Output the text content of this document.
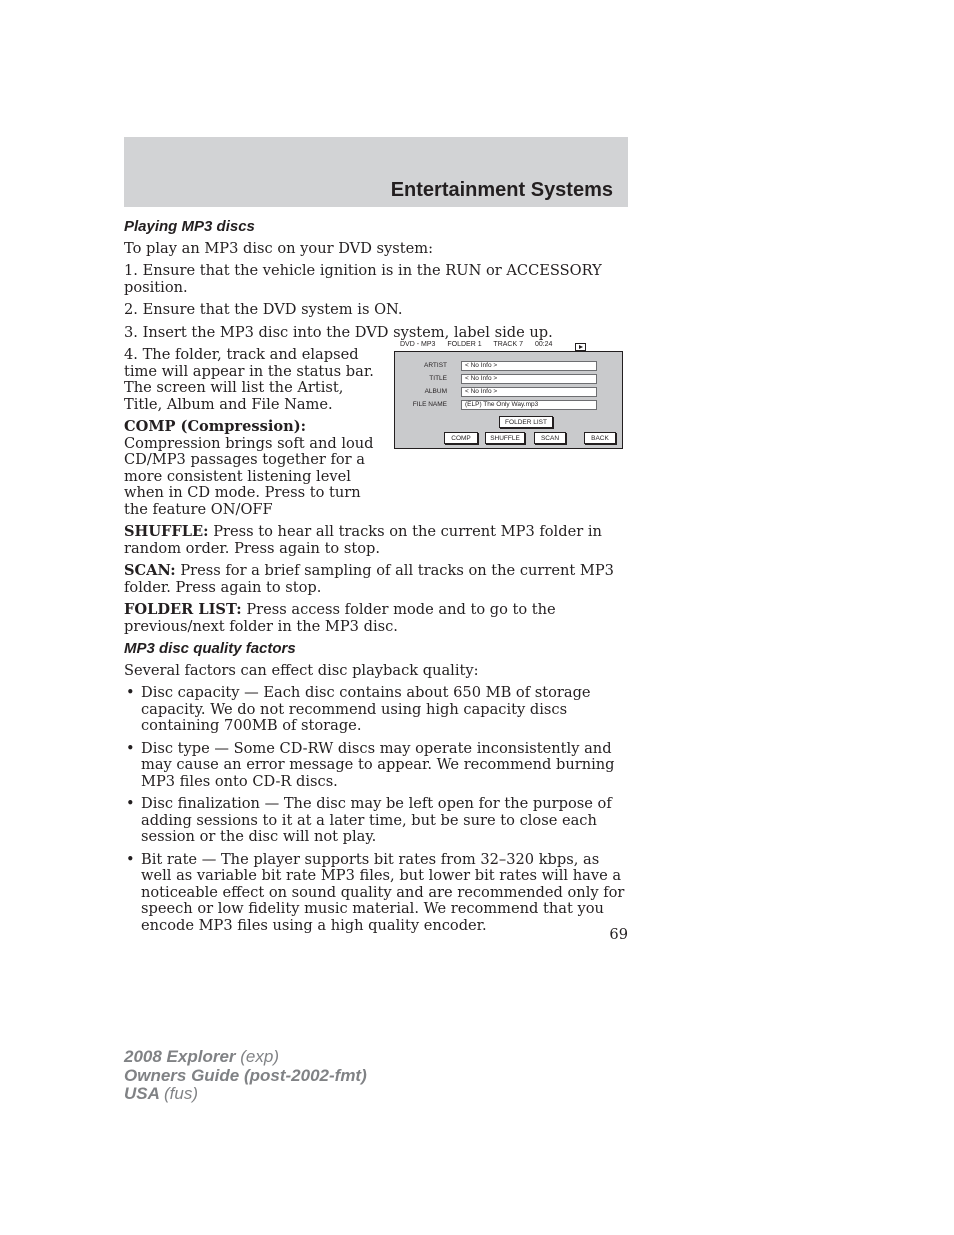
Entertainment Systems
Playing MP3 discs

To play an MP3 disc on your DVD system:

1. Ensure that the vehicle ignition is in the RUN or ACCESSORY position.

2. Ensure that the DVD system is ON.

3. Insert the MP3 disc into the DVD system, label side up.

4. The folder, track and elapsed time will appear in the status bar. The screen will list the Artist, Title, Album and File Name.

COMP (Compression):
Compression brings soft and loud CD/MP3 passages together for a more consistent listening level when in CD mode. Press to turn the feature ON/OFF

SHUFFLE: Press to hear all tracks on the current MP3 folder in random order. Press again to stop.

SCAN: Press for a brief sampling of all tracks on the current MP3 folder. Press again to stop.

FOLDER LIST: Press access folder mode and to go to the previous/next folder in the MP3 disc.

MP3 disc quality factors

Several factors can effect disc playback quality:

• Disc capacity — Each disc contains about 650 MB of storage capacity. We do not recommend using high capacity discs containing 700MB of storage.
• Disc type — Some CD-RW discs may operate inconsistently and may cause an error message to appear. We recommend burning MP3 files onto CD-R discs.
• Disc finalization — The disc may be left open for the purpose of adding sessions to it at a later time, but be sure to close each session or the disc will not play.
• Bit rate — The player supports bit rates from 32–320 kbps, as well as variable bit rate MP3 files, but lower bit rates will have a noticeable effect on sound quality and are recommended only for speech or low fidelity music material. We recommend that you encode MP3 files using a high quality encoder.
DVD - MP3 FOLDER 1 TRACK 7 00:24
ARTIST	< No Info >
TITLE	< No Info >
ALBUM	< No Info >
FILE NAME	(ELP) The Only Way.mp3
FOLDER LIST
COMP	SHUFFLE	SCAN	BACK
69
2008 Explorer (exp)
Owners Guide (post-2002-fmt)
USA (fus)
